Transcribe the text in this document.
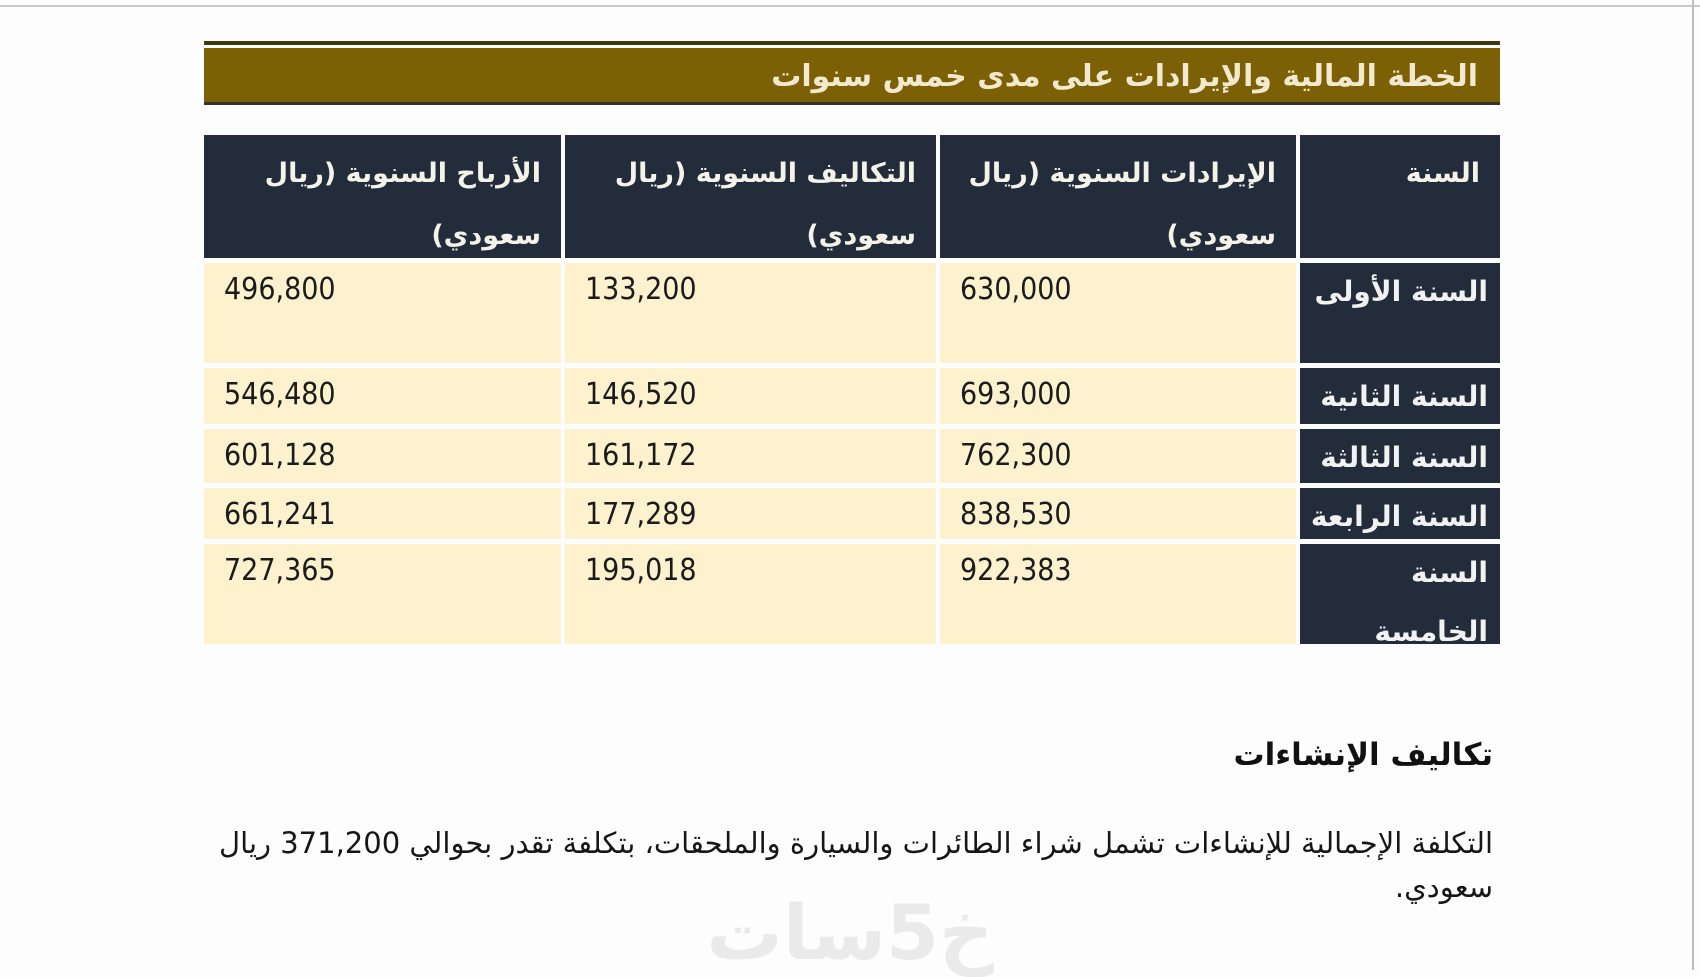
الخطة المالية والإيرادات على مدى خمس سنوات
السنة
الإيرادات السنوية (ريال سعودي)
التكاليف السنوية (ريال سعودي)
الأرباح السنوية (ريال سعودي)
السنة الأولى
630,000
133,200
496,800
السنة الثانية
693,000
146,520
546,480
السنة الثالثة
762,300
161,172
601,128
السنة الرابعة
838,530
177,289
661,241
السنة الخامسة
922,383
195,018
727,365
تكاليف الإنشاءات
التكلفة الإجمالية للإنشاءات تشمل شراء الطائرات والسيارة والملحقات، بتكلفة تقدر بحوالي 371,200 ريال سعودي.
خ5سات
